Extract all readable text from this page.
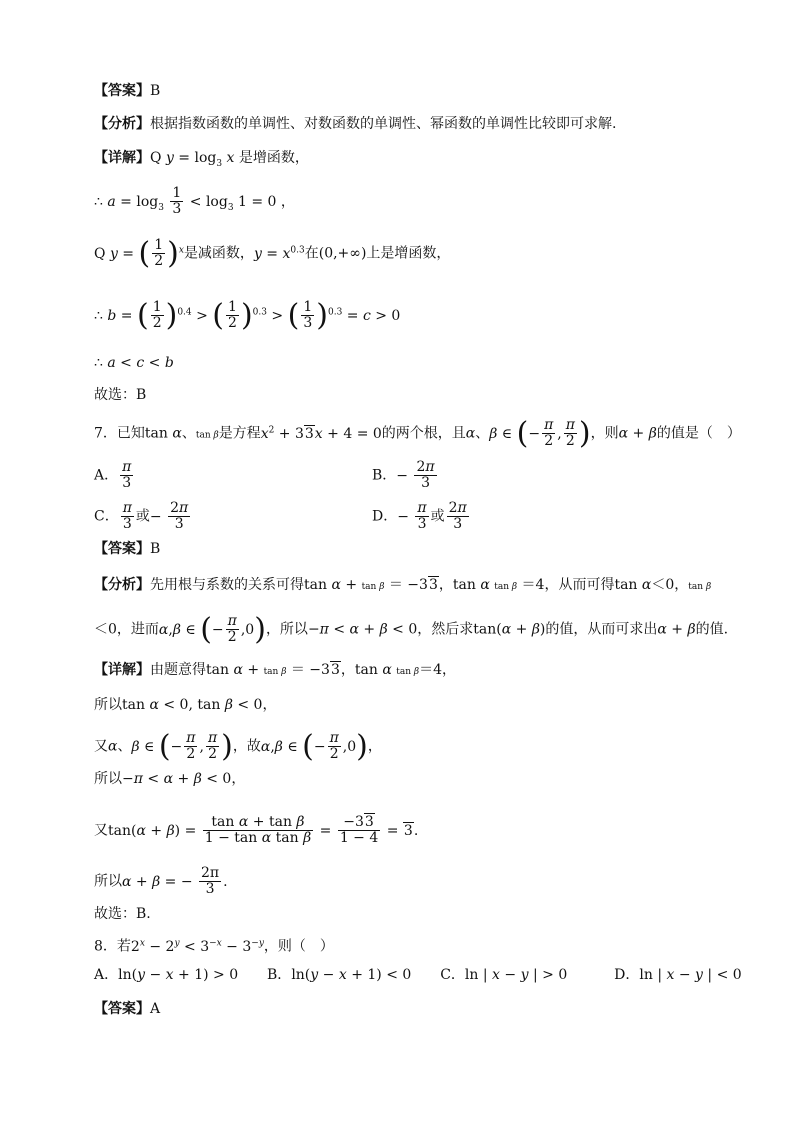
【答案】B
【分析】根据指数函数的单调性、对数函数的单调性、幂函数的单调性比较即可求解.
【详解】Q $y = \log_3 x$ 是增函数，
∴ $a = \log_3 \frac{1}{3} < \log_3 1 = 0$ ，
Q y = ( $\frac{1}{2} )^x$是减函数，$y = x^{0.3}$在(0,+∞)上是增函数，
∴ b = ( $\frac{1}{2} )^{0.4}$ > ( $\frac{1}{2} )^{0.3}$ > ( $\frac{1}{3} )^{0.3} = c > 0$
∴ a < c < b
故选：B
7．已知tan α、tan β是方程$x^2 + 33x + 4 = 0$的两个根，且α、β ∈ (− $\frac{\pi}{2}$ , $\frac{\pi}{2}$ )，则α + β的值是（　）
A． $\frac{\pi}{3}$	B．− $\frac{2\pi}{3}$
C． $\frac{\pi}{3}$ 或− $\frac{2\pi}{3}$	D．− $\frac{\pi}{3}$ 或 $\frac{2\pi}{3}$
【答案】B
【分析】先用根与系数的关系可得tan α + tan β ＝ −33，tan α tan β ＝4，从而可得tan α＜0，tan β
＜0，进而α,β ∈ (− $\frac{\pi}{2} ,0$)，所以−π < α + β < 0，然后求tan(α + β)的值，从而可求出α + β的值.
【详解】由题意得tan α + tan β ＝ −33，tan α tan β＝4，
所以tan α < 0, tan β < 0，
又α、β ∈ (− $\frac{\pi}{2}$ , $\frac{\pi}{2}$ )，故α,β ∈ (− $\frac{\pi}{2} ,0$)，
所以−π < α + β < 0，
又$\tan(\alpha + \beta) = \frac{\text{tan α + tan β}}{\text{1 − tan α tan β}} = \frac{-33}{1 - 4} = 3$.
所以α + β = − $\frac{2\pi}{3}$ .
故选：B.
8．若$2^x - 2^y < 3^{-x} - 3^{-y}$，则（　）
A．ln(y − x + 1) > 0 B．ln(y − x + 1) < 0 C．ln | x − y | > 0	D．ln | x − y | < 0
【答案】A
